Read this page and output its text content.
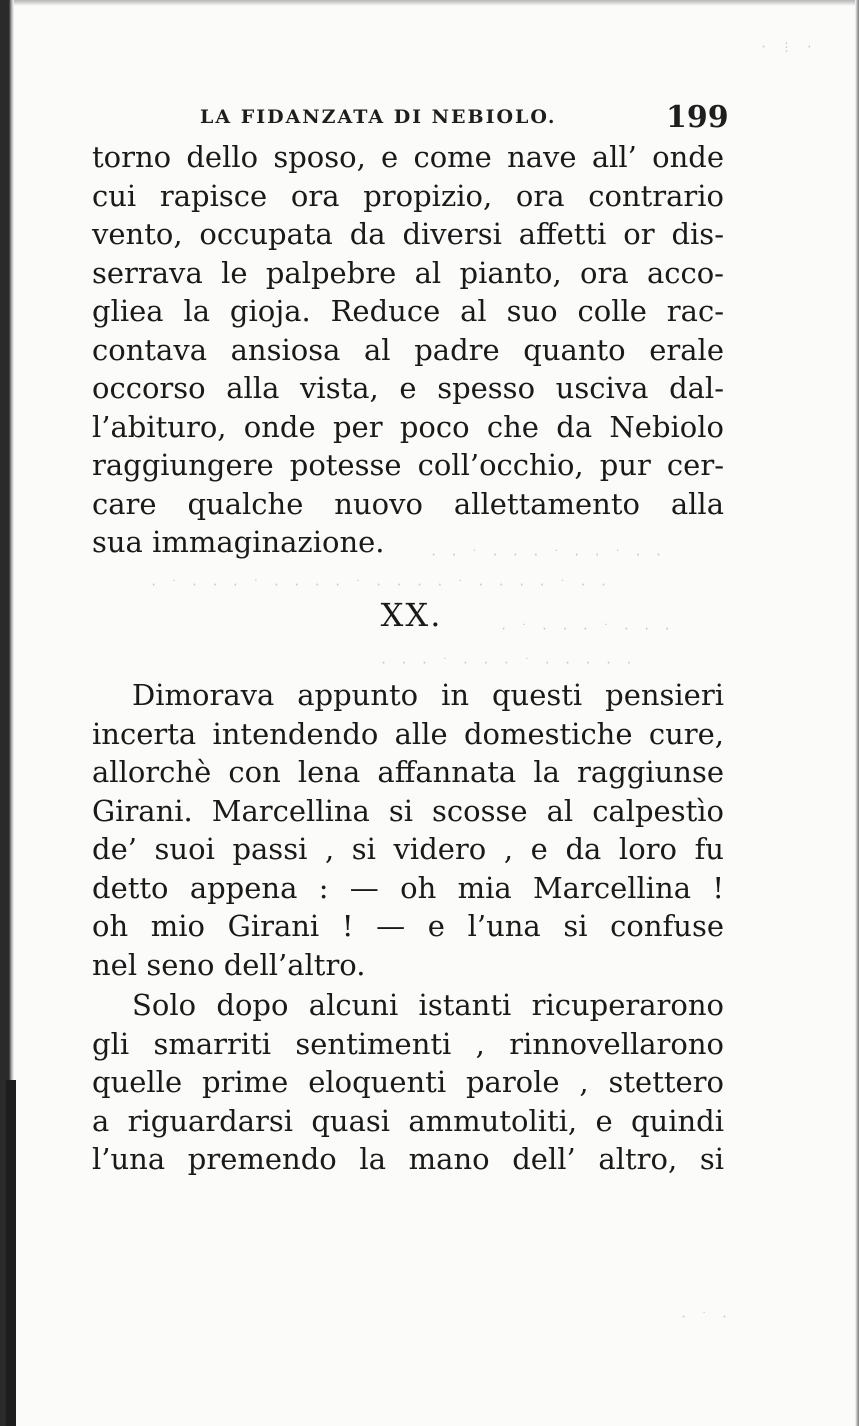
· ⋮ ·
· · ˙ · · · ˙ · · ˙ · ·
· ˙ · · · ˙ · · · · ˙ · · · · ˙ · · · · ˙ · ·
· ˙ · · · ˙ · · ·
· · · ˙ · · · ˙ · · · · ·
· ˙ ·
LA FIDANZATA DI NEBIOLO.	199
torno dello sposo, e come nave all’ onde
cui rapisce ora propizio, ora contrario
vento, occupata da diversi affetti or dis-
serrava le palpebre al pianto, ora acco-
gliea la gioja. Reduce al suo colle rac-
contava ansiosa al padre quanto erale
occorso alla vista, e spesso usciva dal-
l’abituro, onde per poco che da Nebiolo
raggiungere potesse coll’occhio, pur cer-
care qualche nuovo allettamento alla
sua immaginazione.
XX.
Dimorava appunto in questi pensieri
incerta intendendo alle domestiche cure,
allorchè con lena affannata la raggiunse
Girani. Marcellina si scosse al calpestìo
de’ suoi passi , si videro , e da loro fu
detto appena : — oh mia Marcellina !
oh mio Girani ! — e l’una si confuse
nel seno dell’altro.
Solo dopo alcuni istanti ricuperarono
gli smarriti sentimenti , rinnovellarono
quelle prime eloquenti parole , stettero
a riguardarsi quasi ammutoliti, e quindi
l’una premendo la mano dell’ altro, si
